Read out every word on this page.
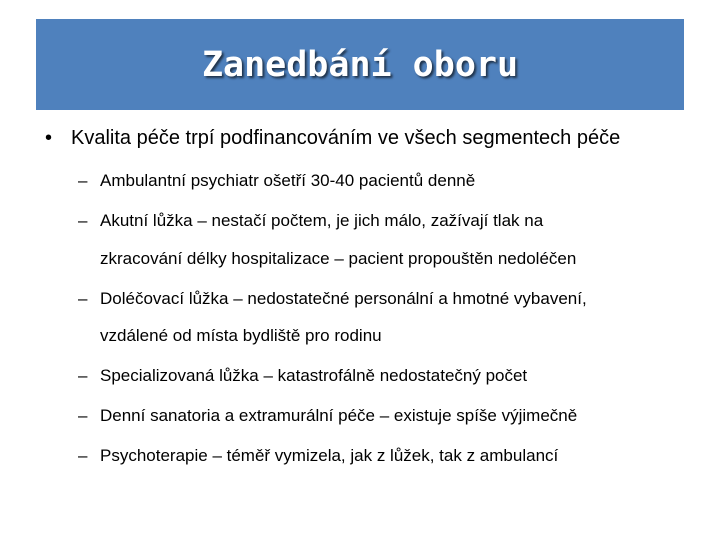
Zanedbání oboru
• Kvalita péče trpí podfinancováním ve všech segmentech péče
– Ambulantní psychiatr ošetří 30-40 pacientů denně
– Akutní lůžka – nestačí počtem, je jich málo, zažívají tlak na
zkracování délky hospitalizace – pacient propouštěn nedoléčen
– Doléčovací lůžka – nedostatečné personální a hmotné vybavení,
vzdálené od místa bydliště pro rodinu
– Specializovaná lůžka – katastrofálně nedostatečný počet
– Denní sanatoria a extramurální péče – existuje spíše výjimečně
– Psychoterapie – téměř vymizela, jak z lůžek, tak z ambulancí
